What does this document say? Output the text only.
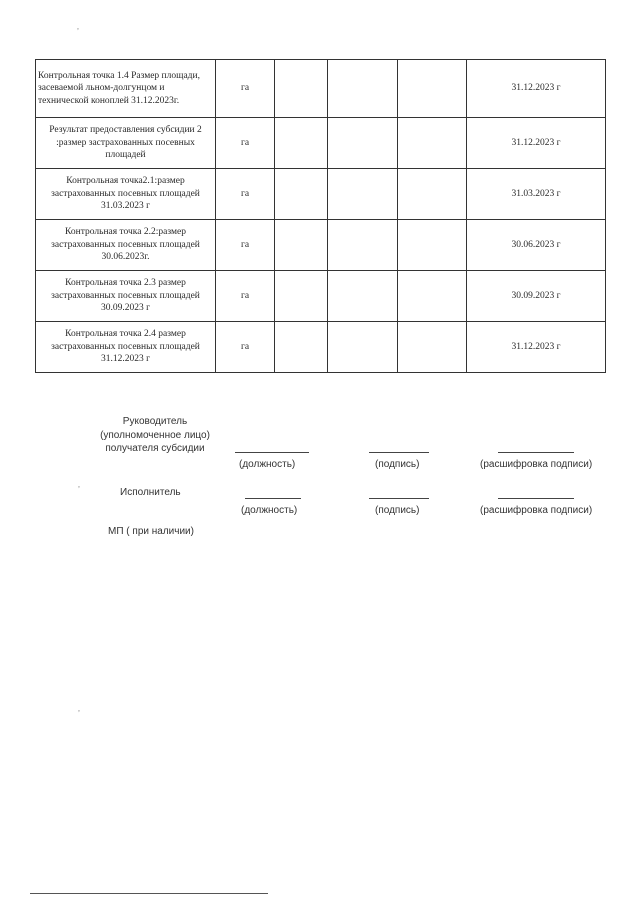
Контрольная точка 1.4 Размер площади, засеваемой льном-долгунцом и технической коноплей 31.12.2023г.	га				31.12.2023 г
Результат предоставления субсидии 2 :размер застрахованных посевных площадей	га				31.12.2023 г
Контрольная точка2.1:размер застрахованных посевных площадей 31.03.2023 г	га				31.03.2023 г
Контрольная точка 2.2:размер застрахованных посевных площадей 30.06.2023г.	га				30.06.2023 г
Контрольная точка 2.3 размер застрахованных посевных площадей 30.09.2023 г	га				30.09.2023 г
Контрольная точка 2.4 размер застрахованных посевных площадей 31.12.2023 г	га				31.12.2023 г
Руководитель
(уполномоченное лицо)
получателя субсидии
(должность)	(подпись)	(расшифровка подписи)
Исполнитель
(должность)	(подпись)	(расшифровка подписи)
МП ( при наличии)
,
,
,
